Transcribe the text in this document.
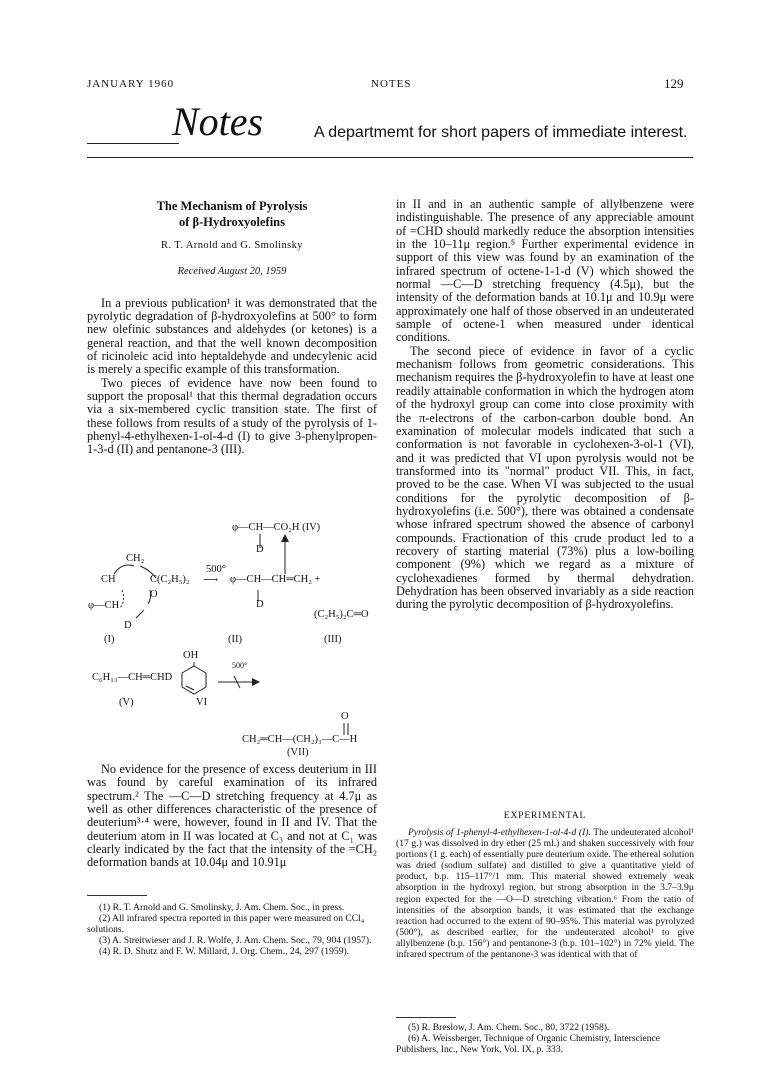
JANUARY 1960	NOTES	129
Notes	A departmemt for short papers of immediate interest.
The Mechanism of Pyrolysis
of β-Hydroxyolefins
R. T. Arnold and G. Smolinsky
Received August 20, 1959

In a previous publication¹ it was demonstrated that the pyrolytic degradation of β-hydroxyolefins at 500° to form new olefinic substances and aldehydes (or ketones) is a general reaction, and that the well known decomposition of ricinoleic acid into heptaldehyde and undecylenic acid is merely a specific example of this transformation.

Two pieces of evidence have now been found to support the proposal¹ that this thermal degradation occurs via a six-membered cyclic transition state. The first of these follows from results of a study of the pyrolysis of 1-phenyl-4-ethylhexen-1-ol-4-d (I) to give 3-phenylpropen-1-3-d (II) and pentanone-3 (III).

φ—CH—CO₂H (IV)
D
CH₂
500°
CH	C(C₂H₅)₂ ⟶ φ—CH—CH═CH₂ +
O
φ—CH	D
(C₂H₅)₂C═O
D
(I)	(II)	(III)
OH
C₆H₁₃—CH═CHD
500°
(V)	VI
O
CH₂═CH—(CH₂)₃—C—H
(VII)

No evidence for the presence of excess deuterium in III was found by careful examination of its infrared spectrum.² The —C—D stretching frequency at 4.7μ as well as other differences characteristic of the presence of deuterium³·⁴ were, however, found in II and IV. That the deuterium atom in II was located at C₃ and not at C₁ was clearly indicated by the fact that the intensity of the =CH₂ deformation bands at 10.04μ and 10.91μ

(1) R. T. Arnold and G. Smolinsky, J. Am. Chem. Soc., in press.

(2) All infrared spectra reported in this paper were measured on CCl₄ solutions.

(3) A. Streitwieser and J. R. Wolfe, J. Am. Chem. Soc., 79, 904 (1957).

(4) R. D. Shutz and F. W. Millard, J. Org. Chem., 24, 297 (1959).

in II and in an authentic sample of allylbenzene were indistinguishable. The presence of any appreciable amount of =CHD should markedly reduce the absorption intensities in the 10–11μ region.⁵ Further experimental evidence in support of this view was found by an examination of the infrared spectrum of octene-1-1-d (V) which showed the normal —C—D stretching frequency (4.5μ), but the intensity of the deformation bands at 10.1μ and 10.9μ were approximately one half of those observed in an undeuterated sample of octene-1 when measured under identical conditions.

The second piece of evidence in favor of a cyclic mechanism follows from geometric considerations. This mechanism requires the β-hydroxyolefin to have at least one readily attainable conformation in which the hydrogen atom of the hydroxyl group can come into close proximity with the π-electrons of the carbon-carbon double bond. An examination of molecular models indicated that such a conformation is not favorable in cyclohexen-3-ol-1 (VI), and it was predicted that VI upon pyrolysis would not be transformed into its "normal" product VII. This, in fact, proved to be the case. When VI was subjected to the usual conditions for the pyrolytic decomposition of β-hydroxyolefins (i.e. 500°), there was obtained a condensate whose infrared spectrum showed the absence of carbonyl compounds. Fractionation of this crude product led to a recovery of starting material (73%) plus a low-boiling component (9%) which we regard as a mixture of cyclohexadienes formed by thermal dehydration. Dehydration has been observed invariably as a side reaction during the pyrolytic decomposition of β-hydroxyolefins.

EXPERIMENTAL

Pyrolysis of 1-phenyl-4-ethylhexen-1-ol-4-d (I). The undeuterated alcohol¹ (17 g.) was dissolved in dry ether (25 ml.) and shaken successively with four portions (1 g. each) of essentially pure deuterium oxide. The ethereal solution was dried (sodium sulfate) and distilled to give a quantitative yield of product, b.p. 115–117°/1 mm. This material showed extremely weak absorption in the hydroxyl region, but strong absorption in the 3.7–3.9μ region expected for the —O—D stretching vibration.⁶ From the ratio of intensities of the absorption bands, it was estimated that the exchange reaction had occurred to the extent of 90–95%. This material was pyrolyzed (500°), as described earlier, for the undeuterated alcohol¹ to give allylbenzene (b.p. 156°) and pentanone-3 (b.p. 101–102°) in 72% yield. The infrared spectrum of the pentanone-3 was identical with that of

(5) R. Breslow, J. Am. Chem. Soc., 80, 3722 (1958).

(6) A. Weissberger, Technique of Organic Chemistry, Interscience Publishers, Inc., New York, Vol. IX, p. 333.
